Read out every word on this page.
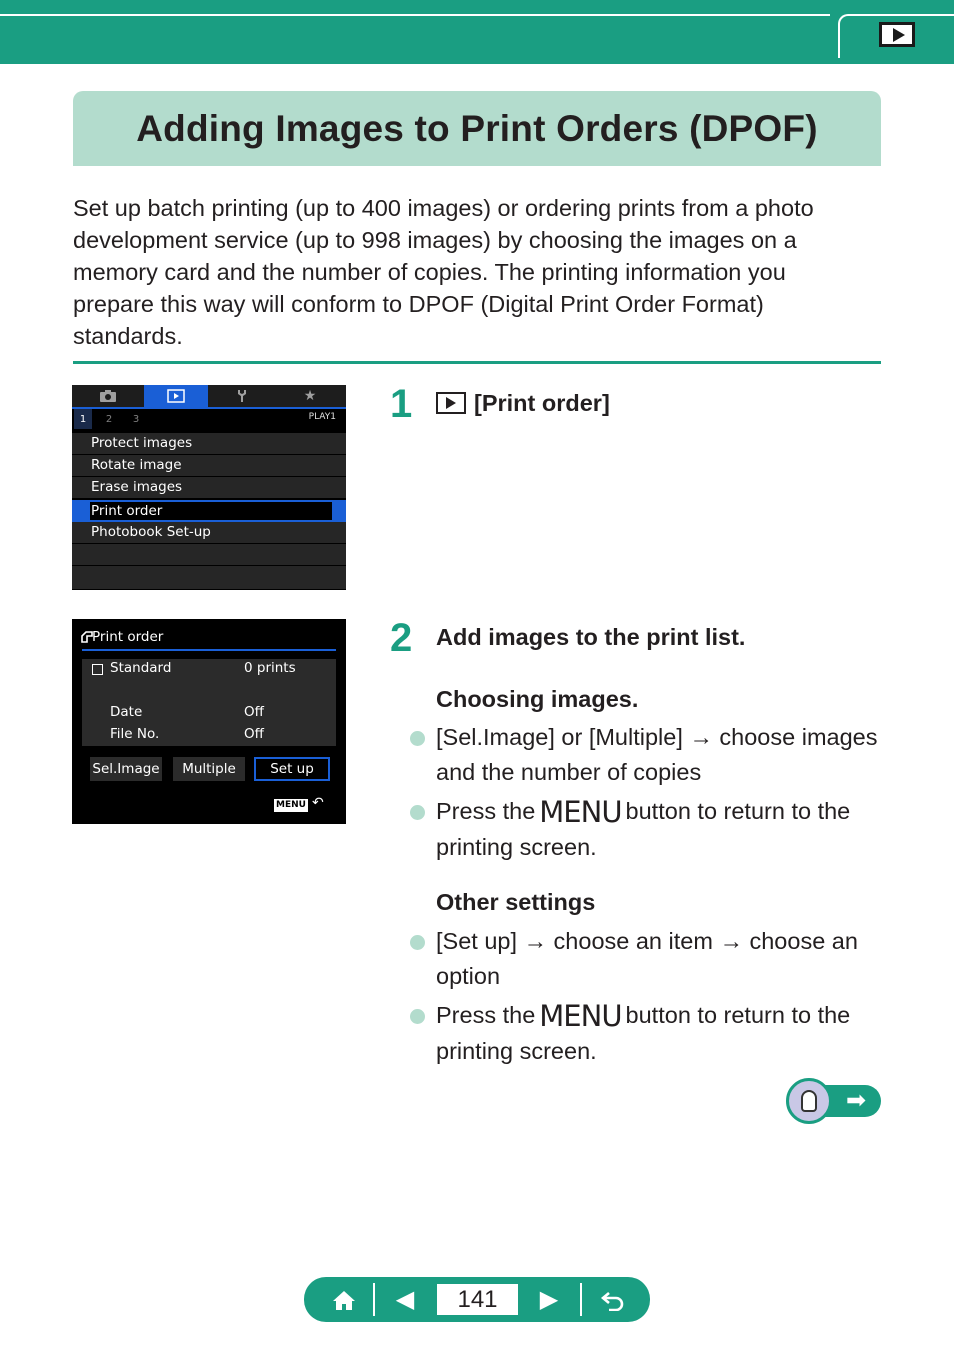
Adding Images to Print Orders (DPOF)

Set up batch printing (up to 400 images) or ordering prints from a photo development service (up to 998 images) by choosing the images on a memory card and the number of copies. The printing information you prepare this way will conform to DPOF (Digital Print Order Format) standards.

★
1	2	3	PLAY1
Protect images
Rotate image
Erase images
Print order
Photobook Set-up
Print order
Standard	0 prints
Date	Off
File No.	Off
Sel.Image	Multiple	Set up
MENU ↶
1	[Print order]
2 Add images to the print list.
Choosing images.
[Sel.Image] or [Multiple] → choose images and the number of copies
Press the MENU button to return to the printing screen.
Other settings
[Set up] → choose an item → choose an option
Press the MENU button to return to the printing screen.
➡
◀	141	▶
